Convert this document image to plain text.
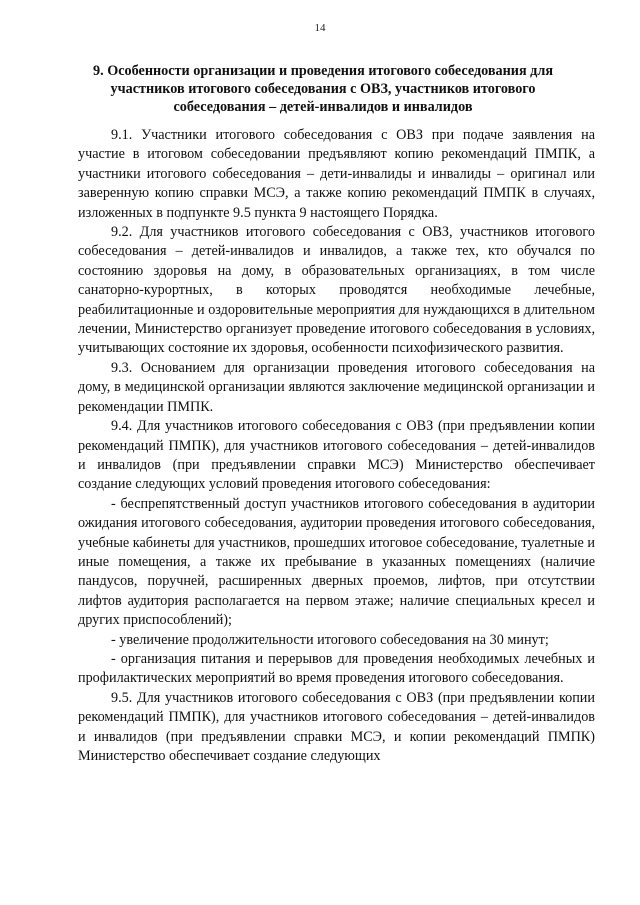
14
9. Особенности организации и проведения итогового собеседования для участников итогового собеседования с ОВЗ, участников итогового собеседования – детей-инвалидов и инвалидов

9.1. Участники итогового собеседования с ОВЗ при подаче заявления на участие в итоговом собеседовании предъявляют копию рекомендаций ПМПК, а участники итогового собеседования – дети-инвалиды и инвалиды – оригинал или заверенную копию справки МСЭ, а также копию рекомендаций ПМПК в случаях, изложенных в подпункте 9.5 пункта 9 настоящего Порядка.

9.2. Для участников итогового собеседования с ОВЗ, участников итогового собеседования – детей-инвалидов и инвалидов, а также тех, кто обучался по состоянию здоровья на дому, в образовательных организациях, в том числе санаторно-курортных, в которых проводятся необходимые лечебные, реабилитационные и оздоровительные мероприятия для нуждающихся в длительном лечении, Министерство организует проведение итогового собеседования в условиях, учитывающих состояние их здоровья, особенности психофизического развития.

9.3. Основанием для организации проведения итогового собеседования на дому, в медицинской организации являются заключение медицинской организации и рекомендации ПМПК.

9.4. Для участников итогового собеседования с ОВЗ (при предъявлении копии рекомендаций ПМПК), для участников итогового собеседования – детей-инвалидов и инвалидов (при предъявлении справки МСЭ) Министерство обеспечивает создание следующих условий проведения итогового собеседования:

- беспрепятственный доступ участников итогового собеседования в аудитории ожидания итогового собеседования, аудитории проведения итогового собеседования, учебные кабинеты для участников, прошедших итоговое собеседование, туалетные и иные помещения, а также их пребывание в указанных помещениях (наличие пандусов, поручней, расширенных дверных проемов, лифтов, при отсутствии лифтов аудитория располагается на первом этаже; наличие специальных кресел и других приспособлений);

- увеличение продолжительности итогового собеседования на 30 минут;

- организация питания и перерывов для проведения необходимых лечебных и профилактических мероприятий во время проведения итогового собеседования.

9.5. Для участников итогового собеседования с ОВЗ (при предъявлении копии рекомендаций ПМПК), для участников итогового собеседования – детей-инвалидов и инвалидов (при предъявлении справки МСЭ, и копии рекомендаций ПМПК) Министерство обеспечивает создание следующих
